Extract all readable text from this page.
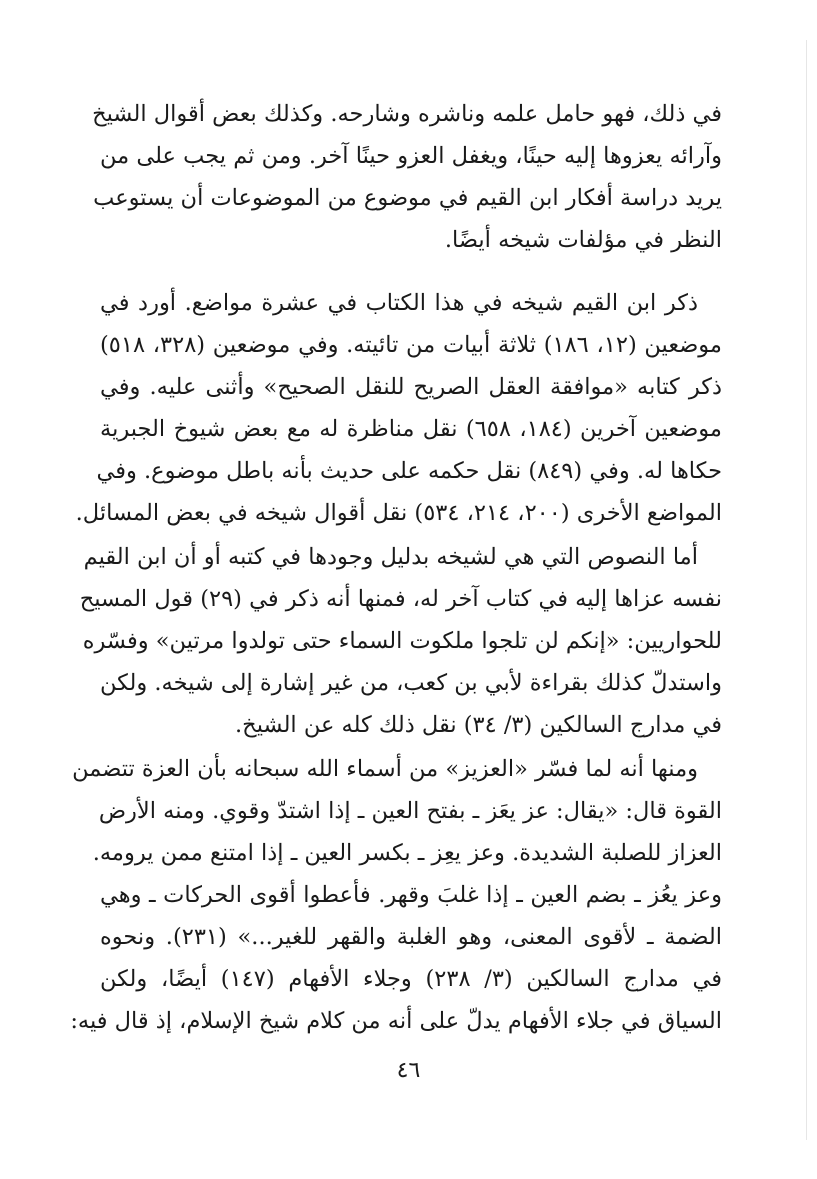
في ذلك، فهو حامل علمه وناشره وشارحه. وكذلك بعض أقوال الشيخ
وآرائه يعزوها إليه حينًا، ويغفل العزو حينًا آخر. ومن ثم يجب على من
يريد دراسة أفكار ابن القيم في موضوع من الموضوعات أن يستوعب
النظر في مؤلفات شيخه أيضًا.
ذكر ابن القيم شيخه في هذا الكتاب في عشرة مواضع. أورد في
موضعين (١٢، ١٨٦) ثلاثة أبيات من تائيته. وفي موضعين (٣٢٨، ٥١٨)
ذكر كتابه «موافقة العقل الصريح للنقل الصحيح» وأثنى عليه. وفي
موضعين آخرين (١٨٤، ٦٥٨) نقل مناظرة له مع بعض شيوخ الجبرية
حكاها له. وفي (٨٤٩) نقل حكمه على حديث بأنه باطل موضوع. وفي
المواضع الأخرى (٢٠٠، ٢١٤، ٥٣٤) نقل أقوال شيخه في بعض المسائل.
أما النصوص التي هي لشيخه بدليل وجودها في كتبه أو أن ابن القيم
نفسه عزاها إليه في كتاب آخر له، فمنها أنه ذكر في (٢٩) قول المسيح
للحواريين: «إنكم لن تلجوا ملكوت السماء حتى تولدوا مرتين» وفسّره
واستدلّ كذلك بقراءة لأبي بن كعب، من غير إشارة إلى شيخه. ولكن
في مدارج السالكين (٣/ ٣٤) نقل ذلك كله عن الشيخ.
ومنها أنه لما فسّر «العزيز» من أسماء الله سبحانه بأن العزة تتضمن
القوة قال: «يقال: عز يعَز ـ بفتح العين ـ إذا اشتدّ وقوي. ومنه الأرض
العزاز للصلبة الشديدة. وعز يعِز ـ بكسر العين ـ إذا امتنع ممن يرومه.
وعز يعُز ـ بضم العين ـ إذا غلبَ وقهر. فأعطوا أقوى الحركات ـ وهي
الضمة ـ لأقوى المعنى، وهو الغلبة والقهر للغير...» (٢٣١). ونحوه
في مدارج السالكين (٣/ ٢٣٨) وجلاء الأفهام (١٤٧) أيضًا، ولكن
السياق في جلاء الأفهام يدلّ على أنه من كلام شيخ الإسلام، إذ قال فيه:
٤٦
